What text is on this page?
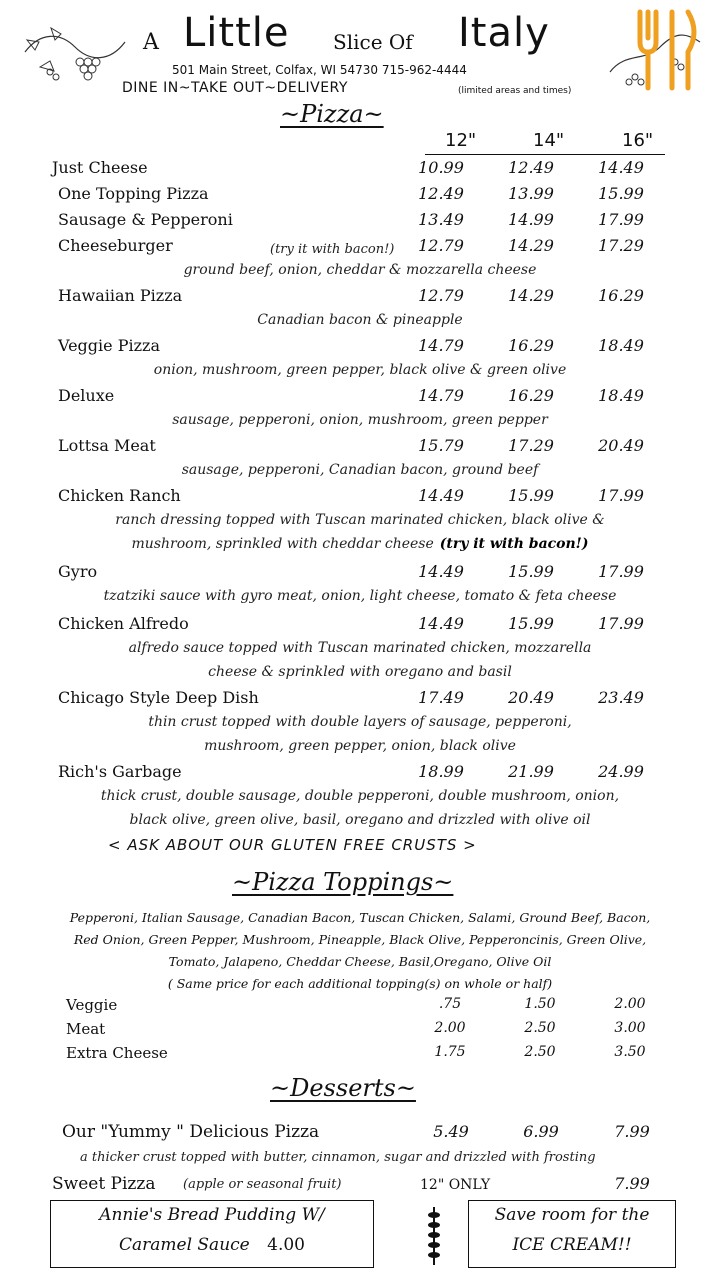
A Little Slice Of Italy
501 Main Street, Colfax, WI 54730 715-962-4444
DINE IN~TAKE OUT~DELIVERY	(limited areas and times)
~Pizza~
12"	14"	16"
Just Cheese	10.99	12.49	14.49
One Topping Pizza	12.49	13.99	15.99
Sausage & Pepperoni	13.49	14.99	17.99
Cheeseburger	(try it with bacon!)	12.79	14.29	17.29
ground beef, onion, cheddar & mozzarella cheese
Hawaiian Pizza	12.79	14.29	16.29
Canadian bacon & pineapple
Veggie Pizza	14.79	16.29	18.49
onion, mushroom, green pepper, black olive & green olive
Deluxe	14.79	16.29	18.49
sausage, pepperoni, onion, mushroom, green pepper
Lottsa Meat	15.79	17.29	20.49
sausage, pepperoni, Canadian bacon, ground beef
Chicken Ranch	14.49	15.99	17.99
ranch dressing topped with Tuscan marinated chicken, black olive &
mushroom, sprinkled with cheddar cheese (try it with bacon!)
Gyro	14.49	15.99	17.99
tzatziki sauce with gyro meat, onion, light cheese, tomato & feta cheese
Chicken Alfredo	14.49	15.99	17.99
alfredo sauce topped with Tuscan marinated chicken, mozzarella
cheese & sprinkled with oregano and basil
Chicago Style Deep Dish	17.49	20.49	23.49
thin crust topped with double layers of sausage, pepperoni,
mushroom, green pepper, onion, black olive
Rich's Garbage	18.99	21.99	24.99
thick crust, double sausage, double pepperoni, double mushroom, onion,
black olive, green olive, basil, oregano and drizzled with olive oil
< ASK ABOUT OUR GLUTEN FREE CRUSTS >
~Pizza Toppings~
Pepperoni, Italian Sausage, Canadian Bacon, Tuscan Chicken, Salami, Ground Beef, Bacon,
Red Onion, Green Pepper, Mushroom, Pineapple, Black Olive, Pepperoncinis, Green Olive,
Tomato, Jalapeno, Cheddar Cheese, Basil,Oregano, Olive Oil
( Same price for each additional topping(s) on whole or half)
Veggie	.75	1.50	2.00
Meat	2.00	2.50	3.00
Extra Cheese	1.75	2.50	3.50
~Desserts~
Our "Yummy " Delicious Pizza	5.49	6.99	7.99
a thicker crust topped with butter, cinnamon, sugar and drizzled with frosting
Sweet Pizza (apple or seasonal fruit)	12" ONLY	7.99
Annie's Bread Pudding W/
Caramel Sauce 4.00
Save room for the
ICE CREAM!!
